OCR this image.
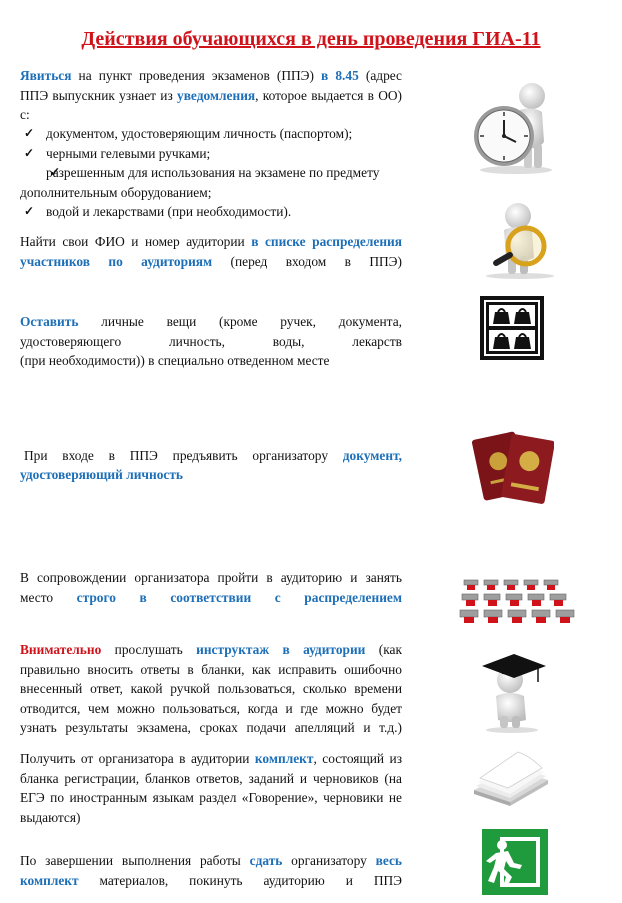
Действия обучающихся в день проведения ГИА-11
Явиться на пункт проведения экзаменов (ППЭ) в 8.45 (адрес ППЭ выпускник узнает из уведомления, которое выдается в ОО) с:
✓ документом, удостоверяющим личность (паспортом);
✓ черными гелевыми ручками;
✓ разрешенным для использования на экзамене по предмету дополнительным оборудованием;
✓ водой и лекарствами (при необходимости).
Найти свои ФИО и номер аудитории в списке распределения участников по аудиториям (перед входом в ППЭ)
Оставить личные вещи (кроме ручек, документа, удостоверяющего личность, воды, лекарств
(при необходимости)) в специально отведенном месте
При входе в ППЭ предъявить организатору документ,
удостоверяющий личность
В сопровождении организатора пройти в аудиторию и занять место строго в соответствии с распределением
Внимательно прослушать инструктаж в аудитории (как правильно вносить ответы в бланки, как исправить ошибочно внесенный ответ, какой ручкой пользоваться, сколько времени отводится, чем можно пользоваться, когда и где можно будет узнать результаты экзамена, сроках подачи апелляций и т.д.)
Получить от организатора в аудитории комплект, состоящий из бланка регистрации, бланков ответов, заданий и черновиков (на ЕГЭ по иностранным языкам раздел «Говорение», черновики не выдаются)
По завершении выполнения работы сдать организатору весь комплект материалов, покинуть аудиторию и ППЭ
